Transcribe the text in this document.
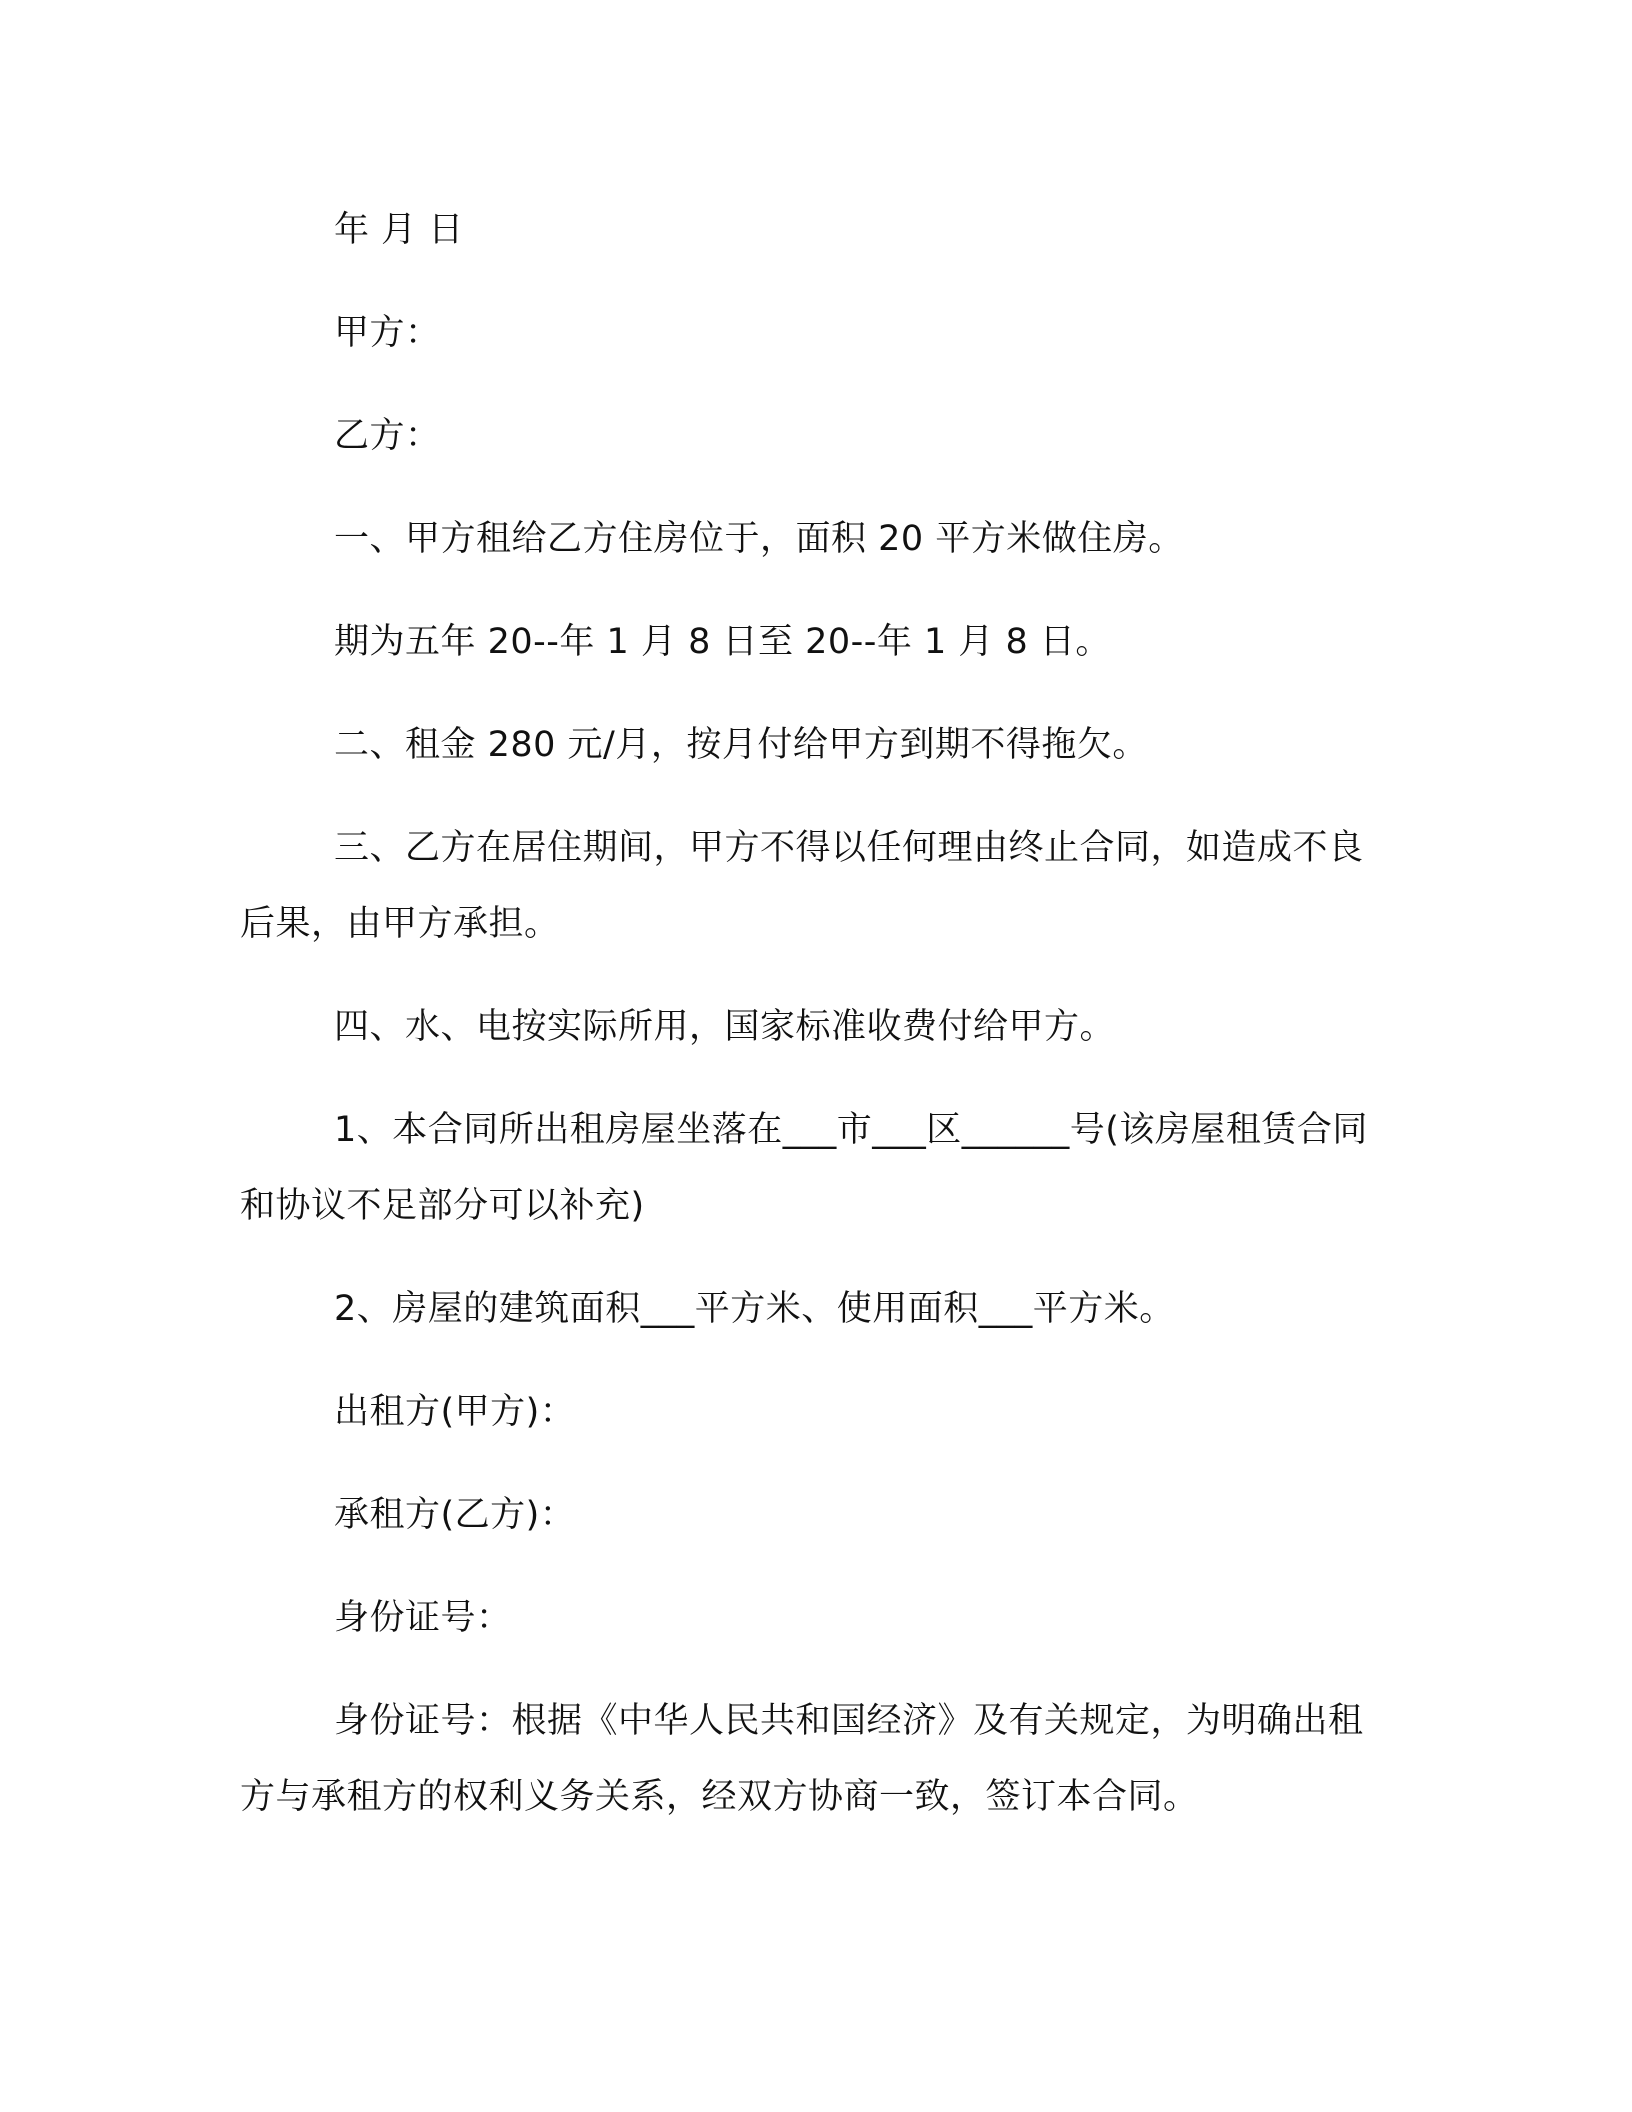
年 月 日

甲方：

乙方：

一、甲方租给乙方住房位于，面积 20 平方米做住房。

期为五年 20--年 1 月 8 日至 20--年 1 月 8 日。

二、租金 280 元/月，按月付给甲方到期不得拖欠。

三、乙方在居住期间，甲方不得以任何理由终止合同，如造成不良后果，由甲方承担。

四、水、电按实际所用，国家标准收费付给甲方。

1、本合同所出租房屋坐落在___市___区______号(该房屋租赁合同和协议不足部分可以补充)

2、房屋的建筑面积___平方米、使用面积___平方米。

出租方(甲方)：

承租方(乙方)：

身份证号：

身份证号：根据《中华人民共和国经济》及有关规定，为明确出租方与承租方的权利义务关系，经双方协商一致，签订本合同。
